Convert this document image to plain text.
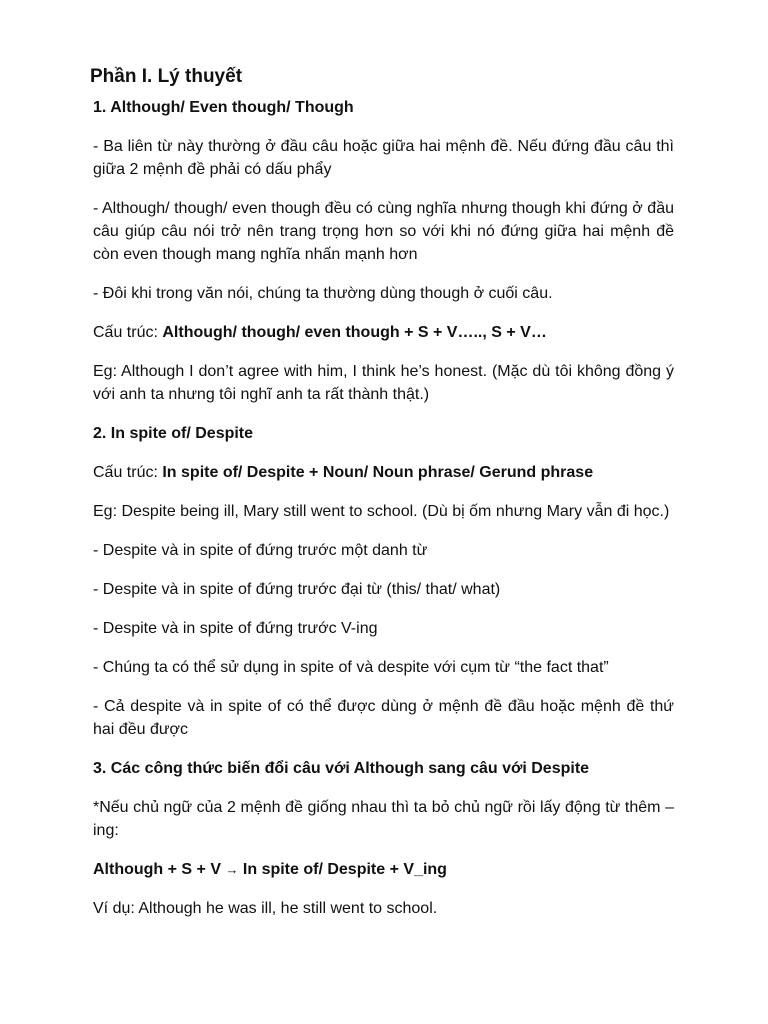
Phần I. Lý thuyết

1. Although/ Even though/ Though

- Ba liên từ này thường ở đầu câu hoặc giữa hai mệnh đề. Nếu đứng đầu câu thì giữa 2 mệnh đề phải có dấu phẩy

- Although/ though/ even though đều có cùng nghĩa nhưng though khi đứng ở đầu câu giúp câu nói trở nên trang trọng hơn so với khi nó đứng giữa hai mệnh đề còn even though mang nghĩa nhấn mạnh hơn

- Đôi khi trong văn nói, chúng ta thường dùng though ở cuối câu.

Cấu trúc: Although/ though/ even though + S + V….., S + V…

Eg: Although I don’t agree with him, I think he’s honest. (Mặc dù tôi không đồng ý với anh ta nhưng tôi nghĩ anh ta rất thành thật.)

2. In spite of/ Despite

Cấu trúc: In spite of/ Despite + Noun/ Noun phrase/ Gerund phrase

Eg: Despite being ill, Mary still went to school. (Dù bị ốm nhưng Mary vẫn đi học.)

- Despite và in spite of đứng trước một danh từ

- Despite và in spite of đứng trước đại từ (this/ that/ what)

- Despite và in spite of đứng trước V-ing

- Chúng ta có thể sử dụng in spite of và despite với cụm từ “the fact that”

- Cả despite và in spite of có thể được dùng ở mệnh đề đầu hoặc mệnh đề thứ hai đều được

3. Các công thức biến đổi câu với Although sang câu với Despite

*Nếu chủ ngữ của 2 mệnh đề giống nhau thì ta bỏ chủ ngữ rồi lấy động từ thêm –ing:

Although + S + V → In spite of/ Despite + V_ing

Ví dụ: Although he was ill, he still went to school.
